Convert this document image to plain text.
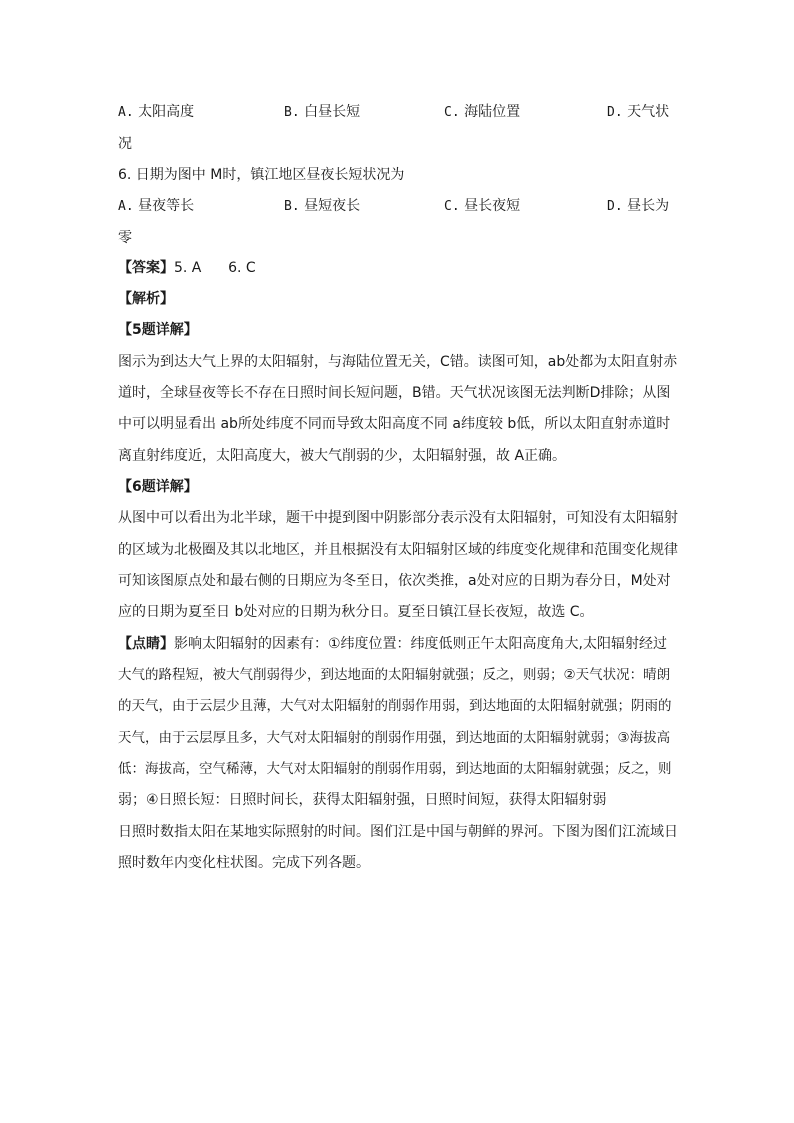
A. 太阳高度	B. 白昼长短	C. 海陆位置	D. 天气状
况
6. 日期为图中 M时，镇江地区昼夜长短状况为
A. 昼夜等长	B. 昼短夜长	C. 昼长夜短	D. 昼长为
零
【答案】5. A      6. C
【解析】
【5题详解】
图示为到达大气上界的太阳辐射，与海陆位置无关，C错。读图可知，ab处都为太阳直射赤
道时，全球昼夜等长不存在日照时间长短问题，B错。天气状况该图无法判断D排除；从图
中可以明显看出 ab所处纬度不同而导致太阳高度不同 a纬度较 b低，所以太阳直射赤道时
离直射纬度近，太阳高度大，被大气削弱的少，太阳辐射强，故 A正确。
【6题详解】
从图中可以看出为北半球，题干中提到图中阴影部分表示没有太阳辐射，可知没有太阳辐射
的区域为北极圈及其以北地区，并且根据没有太阳辐射区域的纬度变化规律和范围变化规律
可知该图原点处和最右侧的日期应为冬至日，依次类推，a处对应的日期为春分日，M处对
应的日期为夏至日 b处对应的日期为秋分日。夏至日镇江昼长夜短，故选 C。
【点睛】影响太阳辐射的因素有：①纬度位置：纬度低则正午太阳高度角大,太阳辐射经过
大气的路程短，被大气削弱得少，到达地面的太阳辐射就强；反之，则弱；②天气状况：晴朗
的天气，由于云层少且薄，大气对太阳辐射的削弱作用弱，到达地面的太阳辐射就强；阴雨的
天气，由于云层厚且多，大气对太阳辐射的削弱作用强，到达地面的太阳辐射就弱；③海拔高
低：海拔高，空气稀薄，大气对太阳辐射的削弱作用弱，到达地面的太阳辐射就强；反之，则
弱；④日照长短：日照时间长，获得太阳辐射强，日照时间短，获得太阳辐射弱
日照时数指太阳在某地实际照射的时间。图们江是中国与朝鲜的界河。下图为图们江流域日
照时数年内变化柱状图。完成下列各题。
